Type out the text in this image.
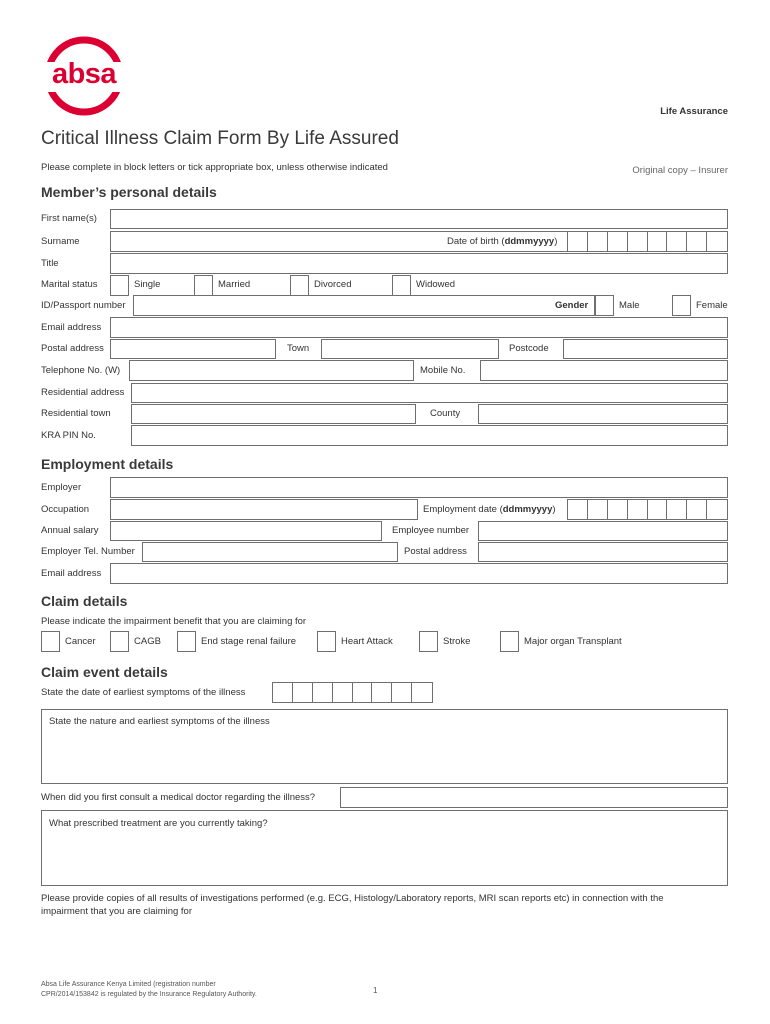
absa
Life Assurance
Critical Illness Claim Form By Life Assured
Please complete in block letters or tick appropriate box, unless otherwise indicated	Original copy – Insurer
Member’s personal details
First name(s)
Surname	Date of birth (ddmmyyyy)
Title
Marital status	Single	Married	Divorced	Widowed
ID/Passport number	Gender	Male	Female
Email address
Postal address	Town	Postcode
Telephone No. (W)	Mobile No.
Residential address
Residential town	County
KRA PIN No.
Employment details
Employer
Occupation	Employment date (ddmmyyyy)
Annual salary	Employee number
Employer Tel. Number	Postal address
Email address
Claim details
Please indicate the impairment benefit that you are claiming for
Cancer	CAGB	End stage renal failure	Heart Attack	Stroke	Major organ Transplant
Claim event details
State the date of earliest symptoms of the illness
State the nature and earliest symptoms of the illness
When did you first consult a medical doctor regarding the illness?
What prescribed treatment are you currently taking?
Please provide copies of all results of investigations performed (e.g. ECG, Histology/Laboratory reports, MRI scan reports etc) in connection with the
impairment that you are claiming for
Absa Life Assurance Kenya Limited (registration number
CPR/2014/153842 is regulated by the Insurance Regulatory Authority.	1
